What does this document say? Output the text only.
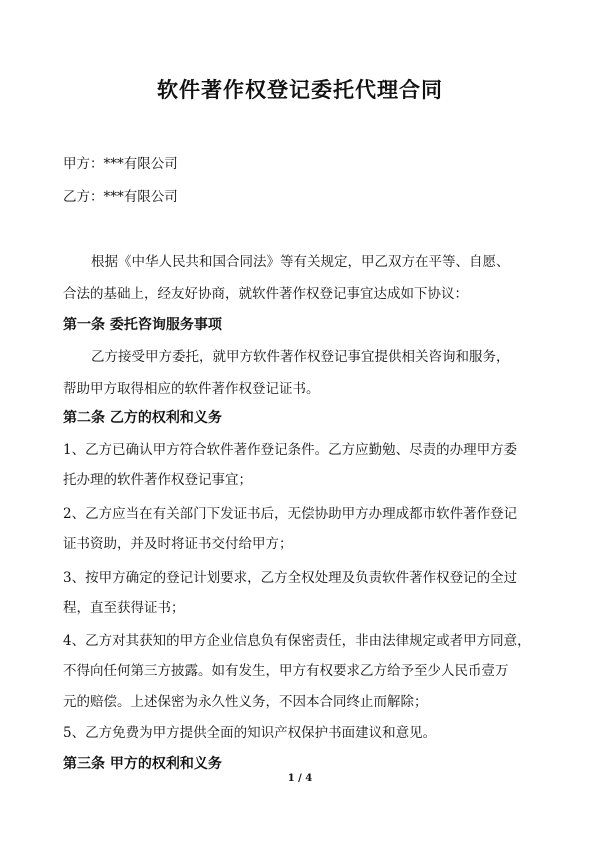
软件著作权登记委托代理合同
甲方：***有限公司
乙方：***有限公司
根据《中华人民共和国合同法》等有关规定，甲乙双方在平等、自愿、
合法的基础上，经友好协商，就软件著作权登记事宜达成如下协议：
第一条 委托咨询服务事项
乙方接受甲方委托，就甲方软件著作权登记事宜提供相关咨询和服务，
帮助甲方取得相应的软件著作权登记证书。
第二条 乙方的权利和义务
1、乙方已确认甲方符合软件著作登记条件。乙方应勤勉、尽责的办理甲方委
托办理的软件著作权登记事宜；
2、乙方应当在有关部门下发证书后，无偿协助甲方办理成都市软件著作登记
证书资助，并及时将证书交付给甲方；
3、按甲方确定的登记计划要求，乙方全权处理及负责软件著作权登记的全过
程，直至获得证书；
4、乙方对其获知的甲方企业信息负有保密责任，非由法律规定或者甲方同意，
不得向任何第三方披露。如有发生，甲方有权要求乙方给予至少人民币壹万
元的赔偿。上述保密为永久性义务，不因本合同终止而解除；
5、乙方免费为甲方提供全面的知识产权保护书面建议和意见。
第三条 甲方的权利和义务
1 / 4
